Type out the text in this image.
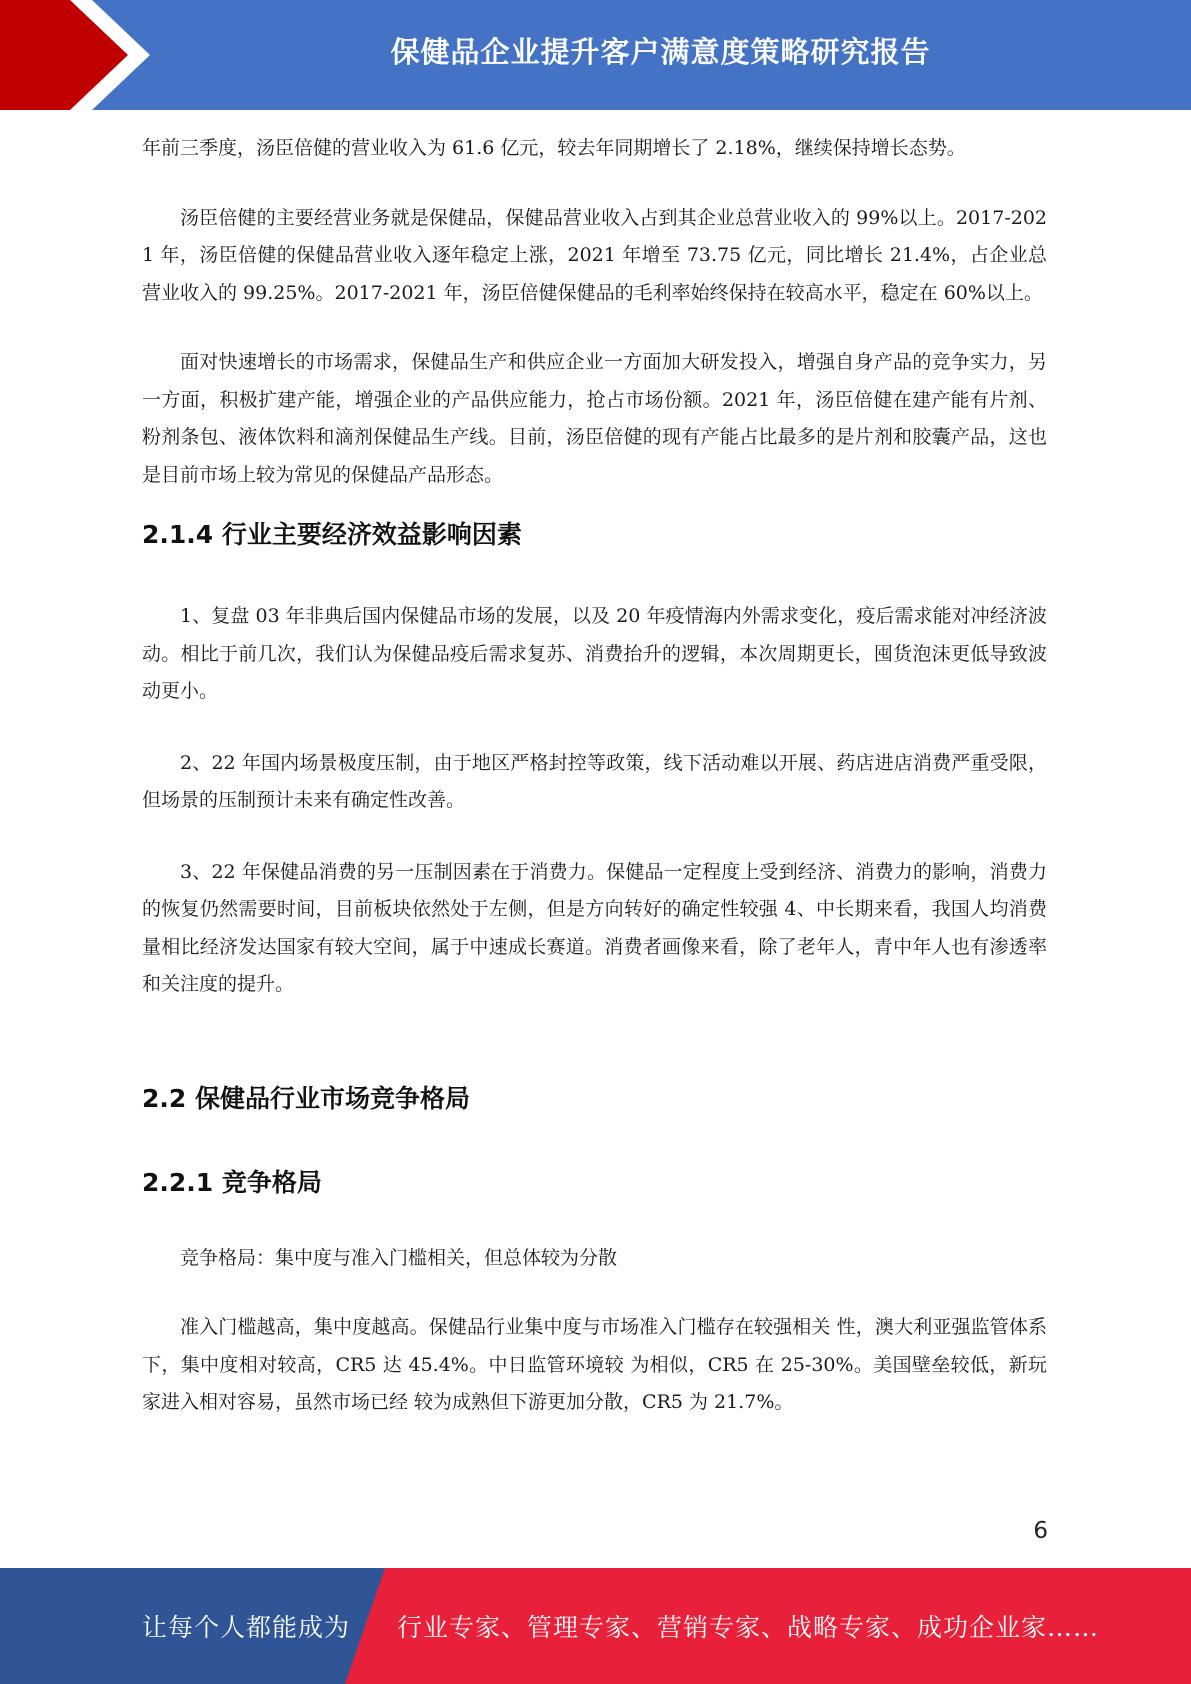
保健品企业提升客户满意度策略研究报告

年前三季度，汤臣倍健的营业收入为 61.6 亿元，较去年同期增长了 2.18%，继续保持增长态势。

汤臣倍健的主要经营业务就是保健品，保健品营业收入占到其企业总营业收入的 99%以上。2017-2021 年，汤臣倍健的保健品营业收入逐年稳定上涨，2021 年增至 73.75 亿元，同比增长 21.4%，占企业总营业收入的 99.25%。2017-2021 年，汤臣倍健保健品的毛利率始终保持在较高水平，稳定在 60%以上。

面对快速增长的市场需求，保健品生产和供应企业一方面加大研发投入，增强自身产品的竞争实力，另一方面，积极扩建产能，增强企业的产品供应能力，抢占市场份额。2021 年，汤臣倍健在建产能有片剂、粉剂条包、液体饮料和滴剂保健品生产线。目前，汤臣倍健的现有产能占比最多的是片剂和胶囊产品，这也是目前市场上较为常见的保健品产品形态。

2.1.4 行业主要经济效益影响因素

1、复盘 03 年非典后国内保健品市场的发展，以及 20 年疫情海内外需求变化，疫后需求能对冲经济波动。相比于前几次，我们认为保健品疫后需求复苏、消费抬升的逻辑，本次周期更长，囤货泡沫更低导致波动更小。

2、22 年国内场景极度压制，由于地区严格封控等政策，线下活动难以开展、药店进店消费严重受限，但场景的压制预计未来有确定性改善。

3、22 年保健品消费的另一压制因素在于消费力。保健品一定程度上受到经济、消费力的影响，消费力的恢复仍然需要时间，目前板块依然处于左侧，但是方向转好的确定性较强 4、中长期来看，我国人均消费量相比经济发达国家有较大空间，属于中速成长赛道。消费者画像来看，除了老年人，青中年人也有渗透率和关注度的提升。

2.2 保健品行业市场竞争格局
2.2.1 竞争格局

竞争格局：集中度与准入门槛相关，但总体较为分散

准入门槛越高，集中度越高。保健品行业集中度与市场准入门槛存在较强相关 性，澳大利亚强监管体系下，集中度相对较高，CR5 达 45.4%。中日监管环境较 为相似，CR5 在 25-30%。美国壁垒较低，新玩家进入相对容易，虽然市场已经 较为成熟但下游更加分散，CR5 为 21.7%。

6
让每个人都能成为 行业专家、管理专家、营销专家、战略专家、成功企业家……
